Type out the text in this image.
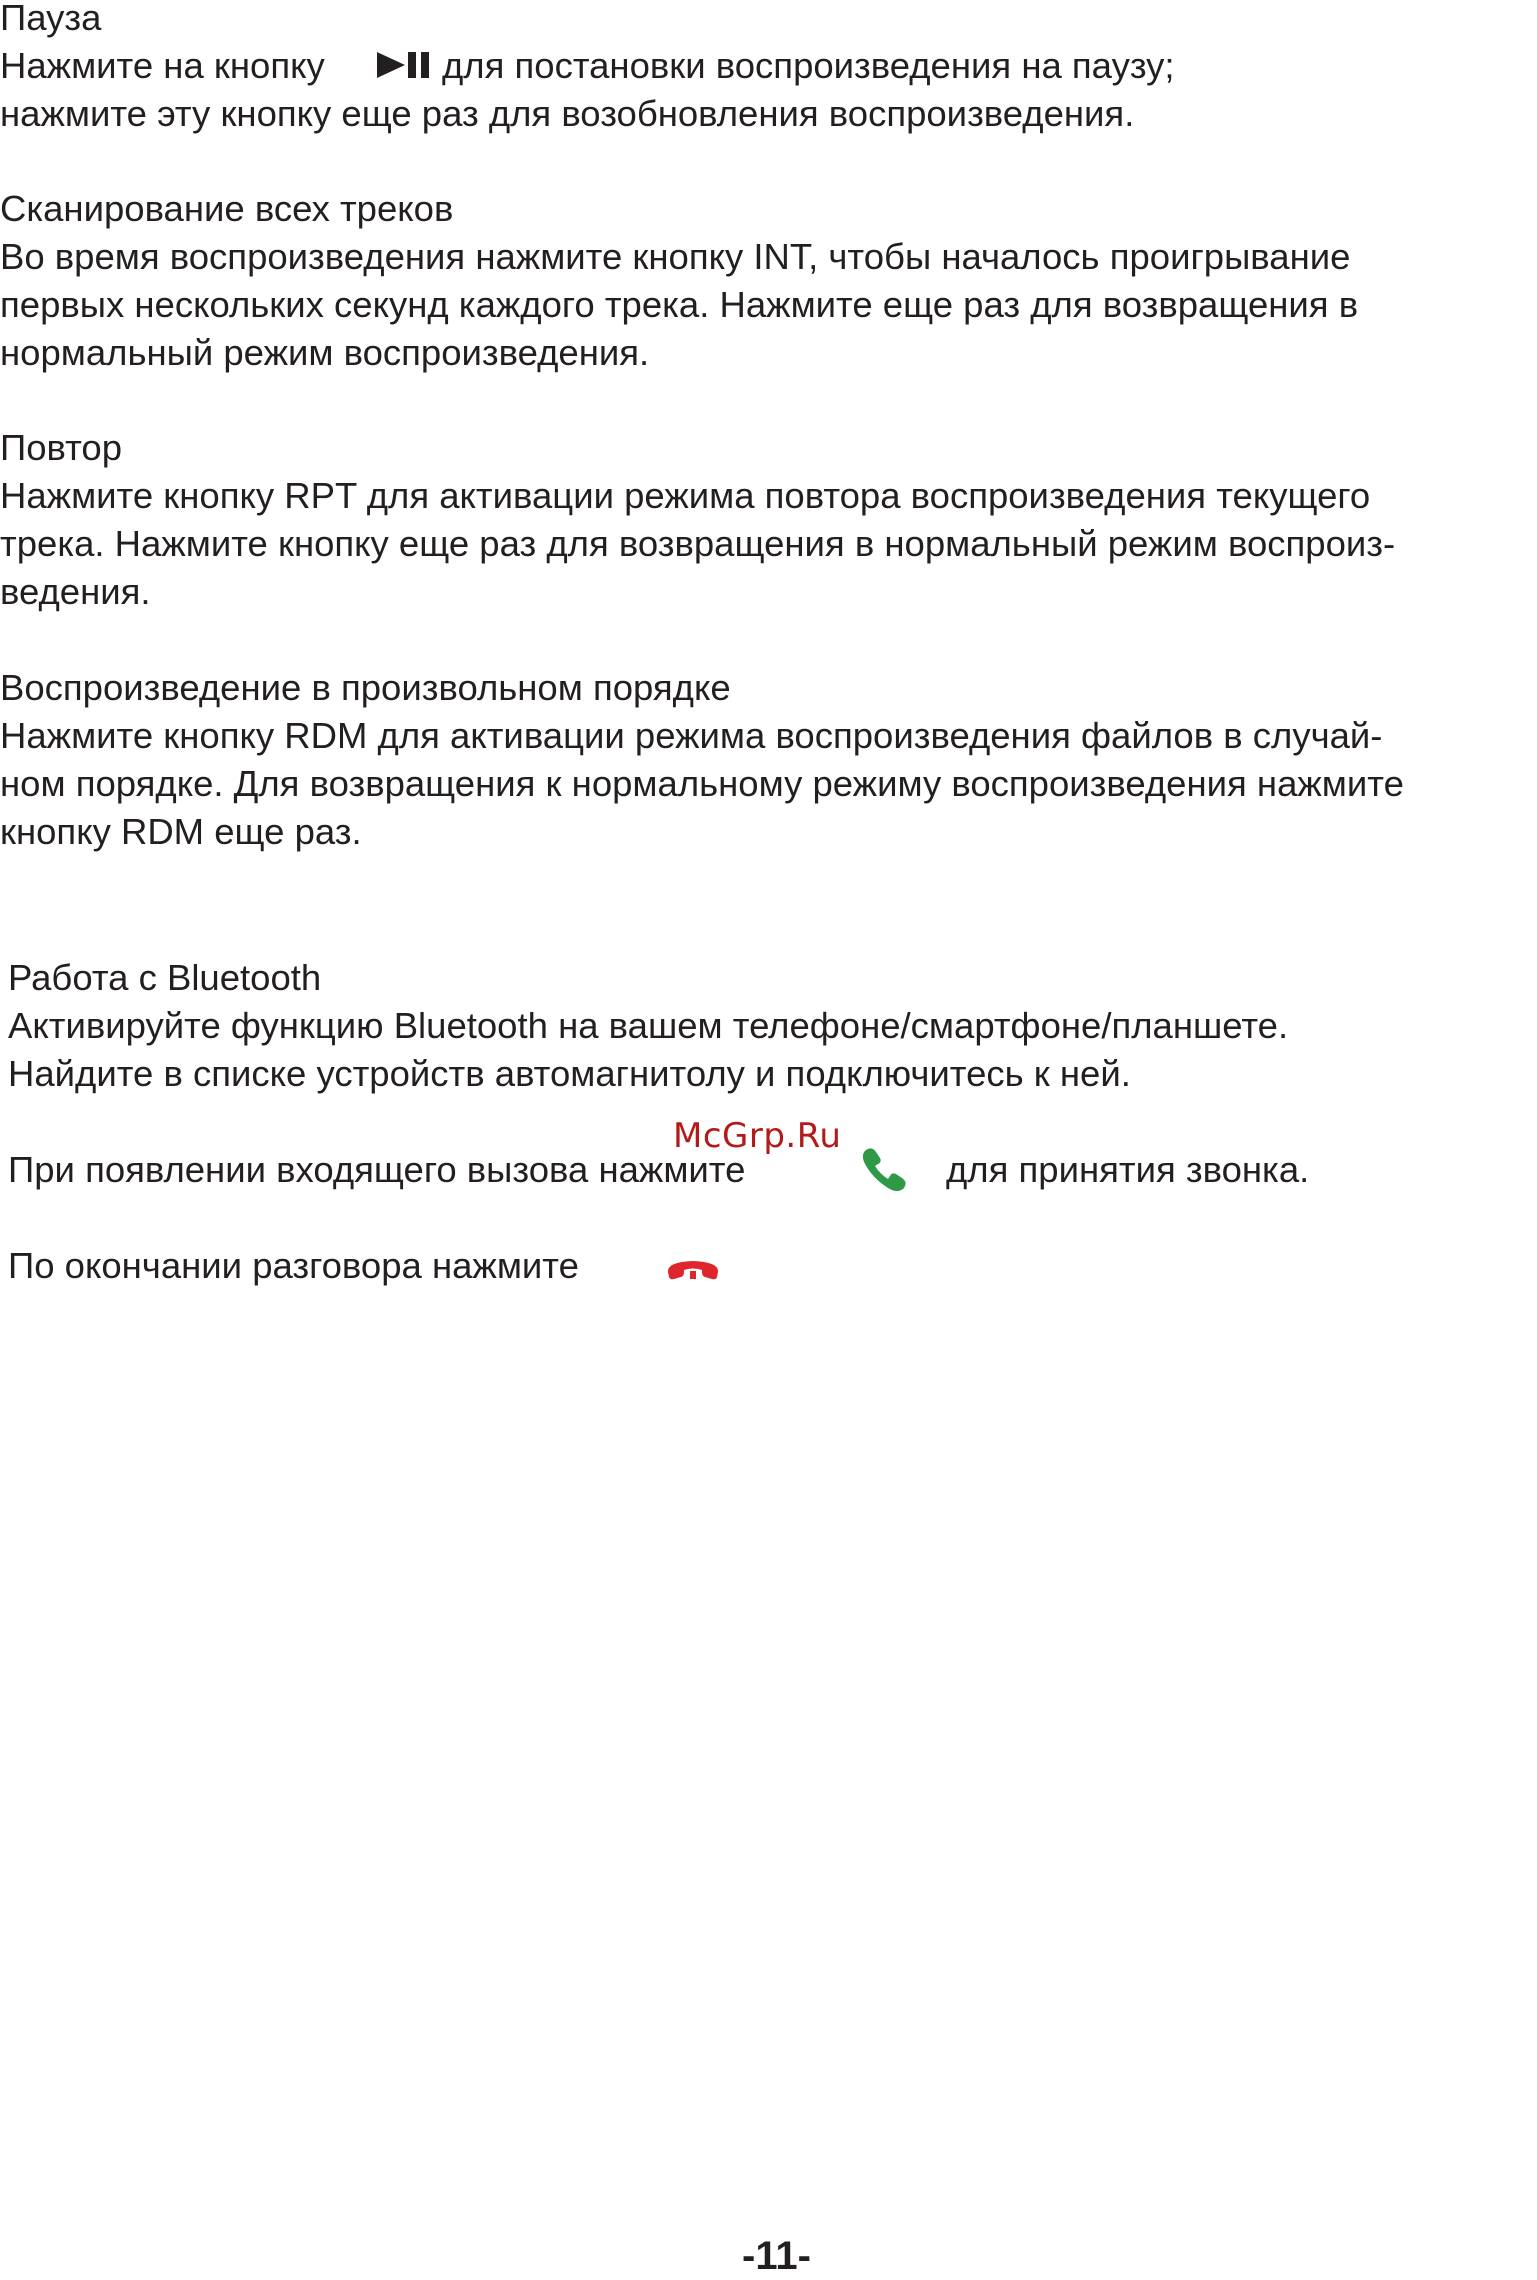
Пауза

Нажмите на кнопку	для постановки воспроизведения на паузу;

нажмите эту кнопку еще раз для возобновления воспроизведения.

Сканирование всех треков

Во время воспроизведения нажмите кнопку INT, чтобы началось проигрывание

первых нескольких секунд каждого трека. Нажмите еще раз для возвращения в

нормальный режим воспроизведения.

Повтор

Нажмите кнопку RPT для активации режима повтора воспроизведения текущего

трека. Нажмите кнопку еще раз для возвращения в нормальный режим воспроиз-

ведения.

Воспроизведение в произвольном порядке

Нажмите кнопку RDM для активации режима воспроизведения файлов в случай-

ном порядке. Для возвращения к нормальному режиму воспроизведения нажмите

кнопку RDM еще раз.

Работа с Bluetooth

Активируйте функцию Bluetooth на вашем телефоне/смартфоне/планшете.

Найдите в списке устройств автомагнитолу и подключитесь к ней.

McGrp.Ru

При появлении входящего вызова нажмите	для принятия звонка.

По окончании разговора нажмите

-11-
